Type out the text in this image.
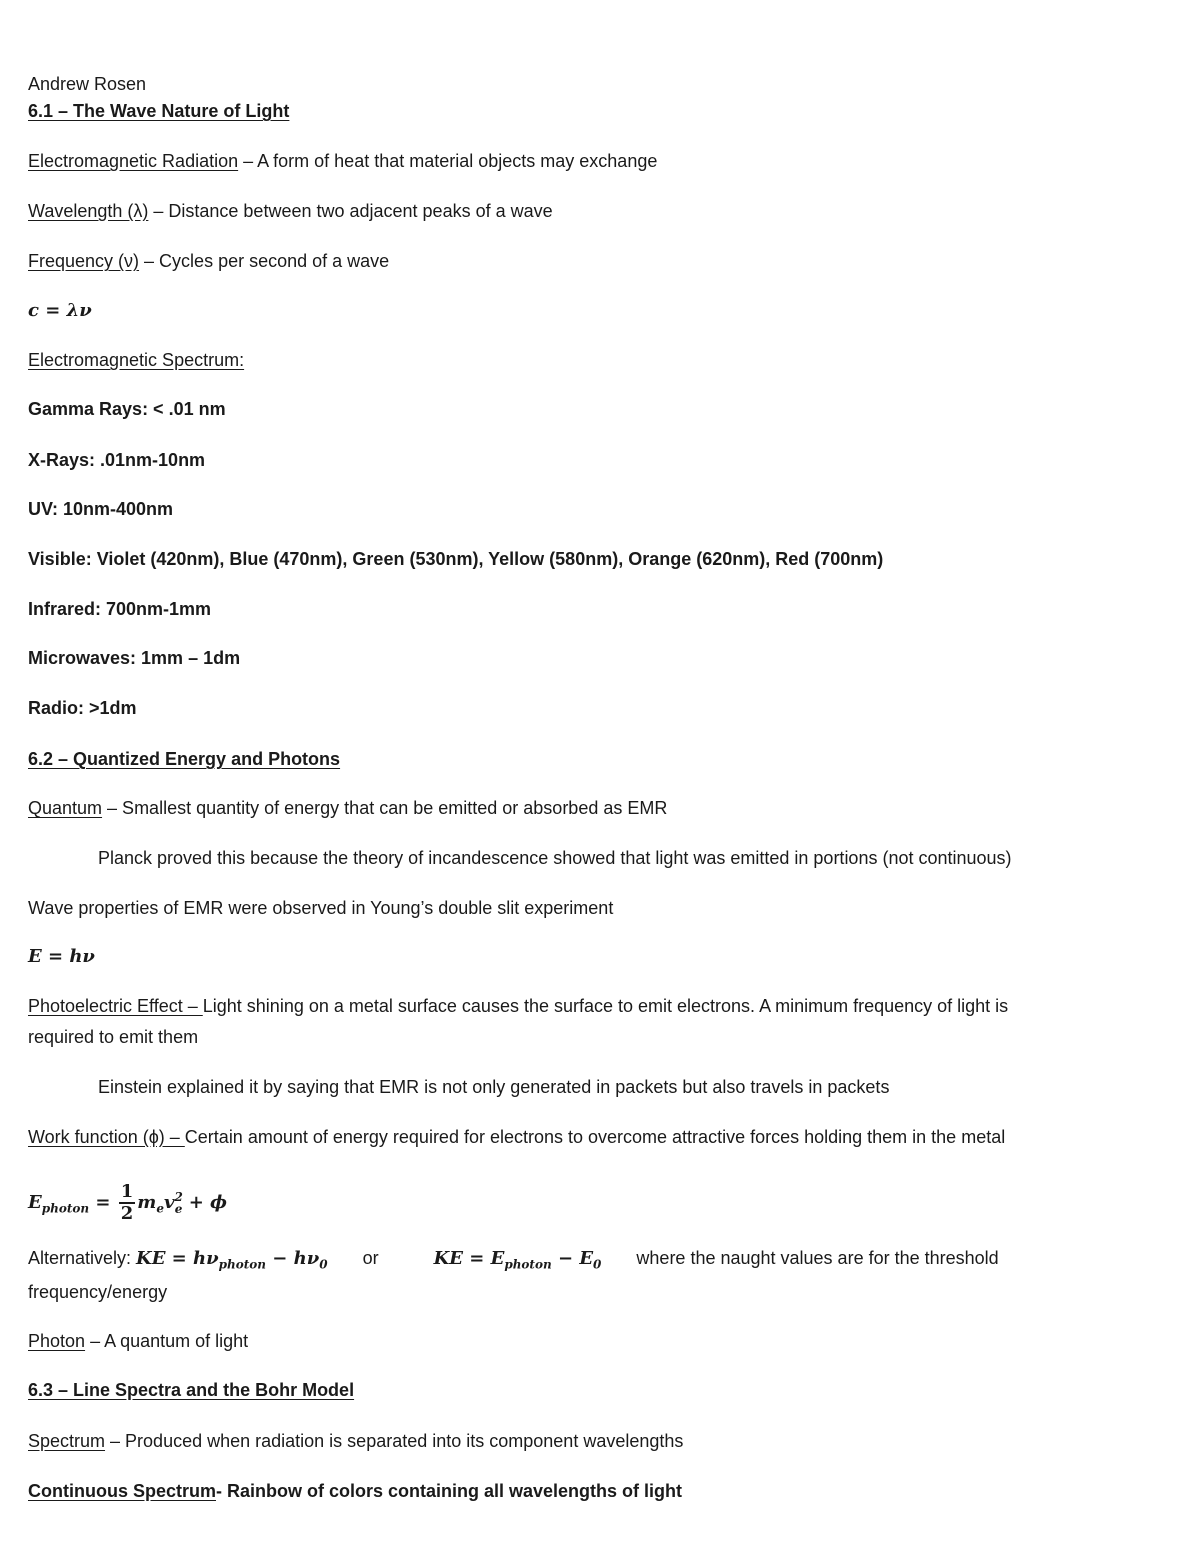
Andrew Rosen
6.1 – The Wave Nature of Light
Electromagnetic Radiation – A form of heat that material objects may exchange
Wavelength (λ) – Distance between two adjacent peaks of a wave
Frequency (ν) – Cycles per second of a wave
c = λν
Electromagnetic Spectrum:
Gamma Rays: < .01 nm
X-Rays: .01nm-10nm
UV: 10nm-400nm
Visible: Violet (420nm), Blue (470nm), Green (530nm), Yellow (580nm), Orange (620nm), Red (700nm)
Infrared: 700nm-1mm
Microwaves: 1mm – 1dm
Radio: >1dm
6.2 – Quantized Energy and Photons
Quantum – Smallest quantity of energy that can be emitted or absorbed as EMR
Planck proved this because the theory of incandescence showed that light was emitted in portions (not continuous)
Wave properties of EMR were observed in Young’s double slit experiment
E = hν
Photoelectric Effect – Light shining on a metal surface causes the surface to emit electrons. A minimum frequency of light is
required to emit them
Einstein explained it by saying that EMR is not only generated in packets but also travels in packets
Work function (ϕ) – Certain amount of energy required for electrons to overcome attractive forces holding them in the metal
$E_{photon} = \frac{1}{2} m_ev^2_e + \phi$
Alternatively: KE = $h\nu_{photon} - h\nu_0$ or	KE = $E_{photon} - E_0$ where the naught values are for the threshold
frequency/energy
Photon – A quantum of light
6.3 – Line Spectra and the Bohr Model
Spectrum – Produced when radiation is separated into its component wavelengths
Continuous Spectrum- Rainbow of colors containing all wavelengths of light
